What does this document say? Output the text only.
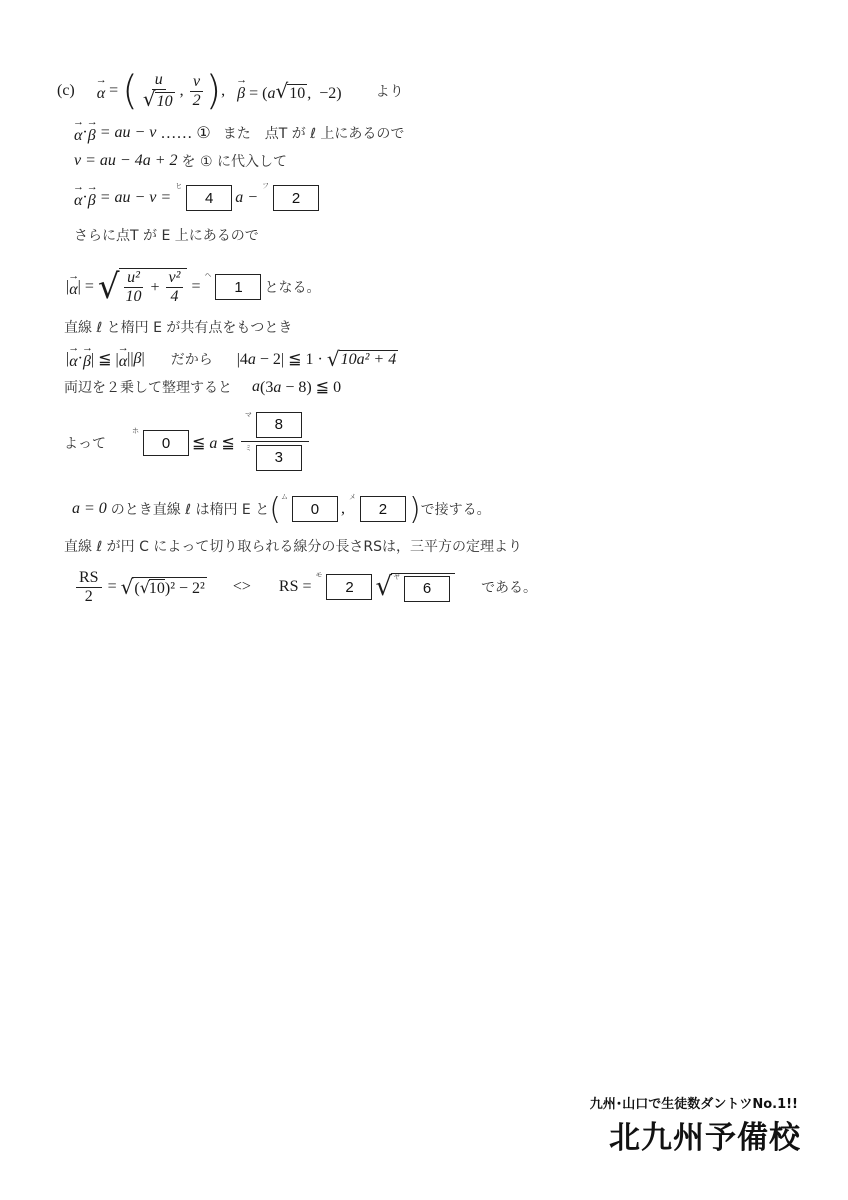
(c) → α = ( $\frac{u}{√10}$ , $\frac{v}{2}$ ) , → β = (a√10 ,  −2) より
→ α · → β = au − v …… ① また　点T が ℓ 上にあるので
v = au − 4a + 2 を ① に代入して
→ α · → β = au − v =
ヒ
4	a −
フ
2
さらに点T が E 上にあるので
| → α | = √ $\frac{\text{u²}}{10} + \frac{\text{v²}}{4}$ =
ヘ
1	となる。
直線 ℓ と楕円 E が共有点をもつとき
| → α · → β | ≦ | → α || β | だから |4a − 2| ≦ 1 · √ 10a² + 4
両辺を２乗して整理すると a (3a − 8) ≦ 0
よって
ホ
0	≦ a ≦ マ
8
ミ
3
a = 0 のとき直線 ℓ は楕円 E と ( ム
0	,
メ
2 ) で接する。
直線 ℓ が円 C によって切り取られる線分の長さRSは，三平方の定理より
$\frac{RS}{2}$ = √ (√10)² − 2² <> RS =
モ
2 √ ヤ
6	である。
九州･山口で生徒数ダントツNo.1!!
北九州予備校
